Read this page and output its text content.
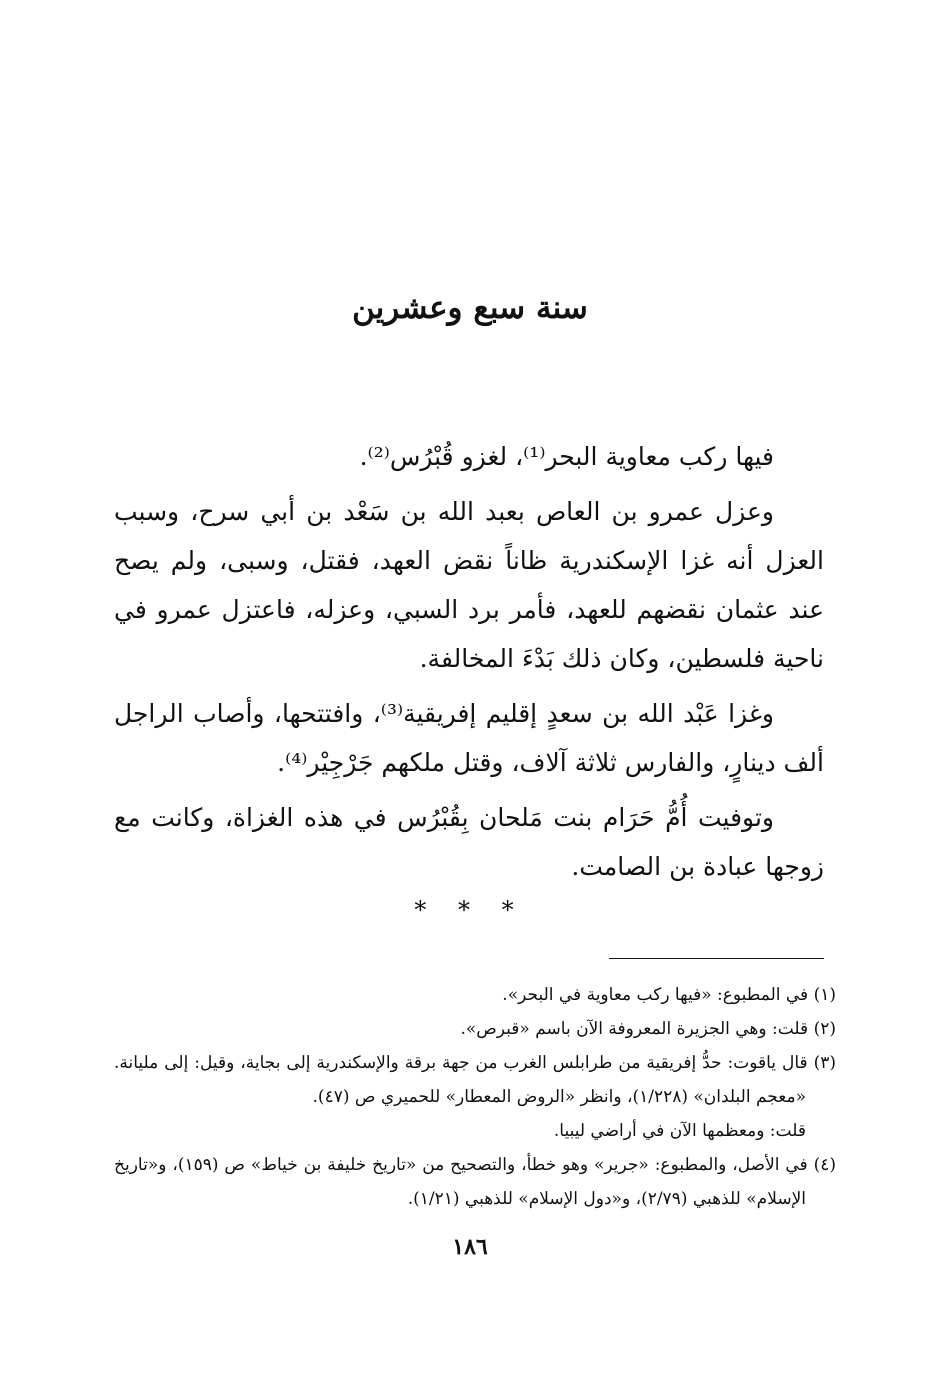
سنة سبع وعشرين

فيها ركب معاوية البحر⁽¹⁾، لغزو قُبْرُس⁽²⁾.

وعزل عمرو بن العاص بعبد الله بن سَعْد بن أبي سرح، وسبب العزل أنه غزا الإسكندرية ظاناً نقض العهد، فقتل، وسبى، ولم يصح عند عثمان نقضهم للعهد، فأمر برد السبي، وعزله، فاعتزل عمرو في ناحية فلسطين، وكان ذلك بَدْءَ المخالفة.

وغزا عَبْد الله بن سعدٍ إقليم إفريقية⁽³⁾، وافتتحها، وأصاب الراجل ألف دينارٍ، والفارس ثلاثة آلاف، وقتل ملكهم جَرْجِيْر⁽⁴⁾.

وتوفيت أُمُّ حَرَام بنت مَلحان بِقُبْرُس في هذه الغزاة، وكانت مع زوجها عبادة بن الصامت.

* * *

(١) في المطبوع: «فيها ركب معاوية في البحر».

(٢) قلت: وهي الجزيرة المعروفة الآن باسم «قبرص».

(٣) قال ياقوت: حدُّ إفريقية من طرابلس الغرب من جهة برقة والإسكندرية إلى بجاية، وقيل: إلى مليانة. «معجم البلدان» (١/٢٢٨)، وانظر «الروض المعطار» للحميري ص (٤٧).

قلت: ومعظمها الآن في أراضي ليبيا.

(٤) في الأصل، والمطبوع: «جرير» وهو خطأ، والتصحيح من «تاريخ خليفة بن خياط» ص (١٥٩)، و«تاريخ الإسلام» للذهبي (٢/٧٩)، و«دول الإسلام» للذهبي (١/٢١).

١٨٦
